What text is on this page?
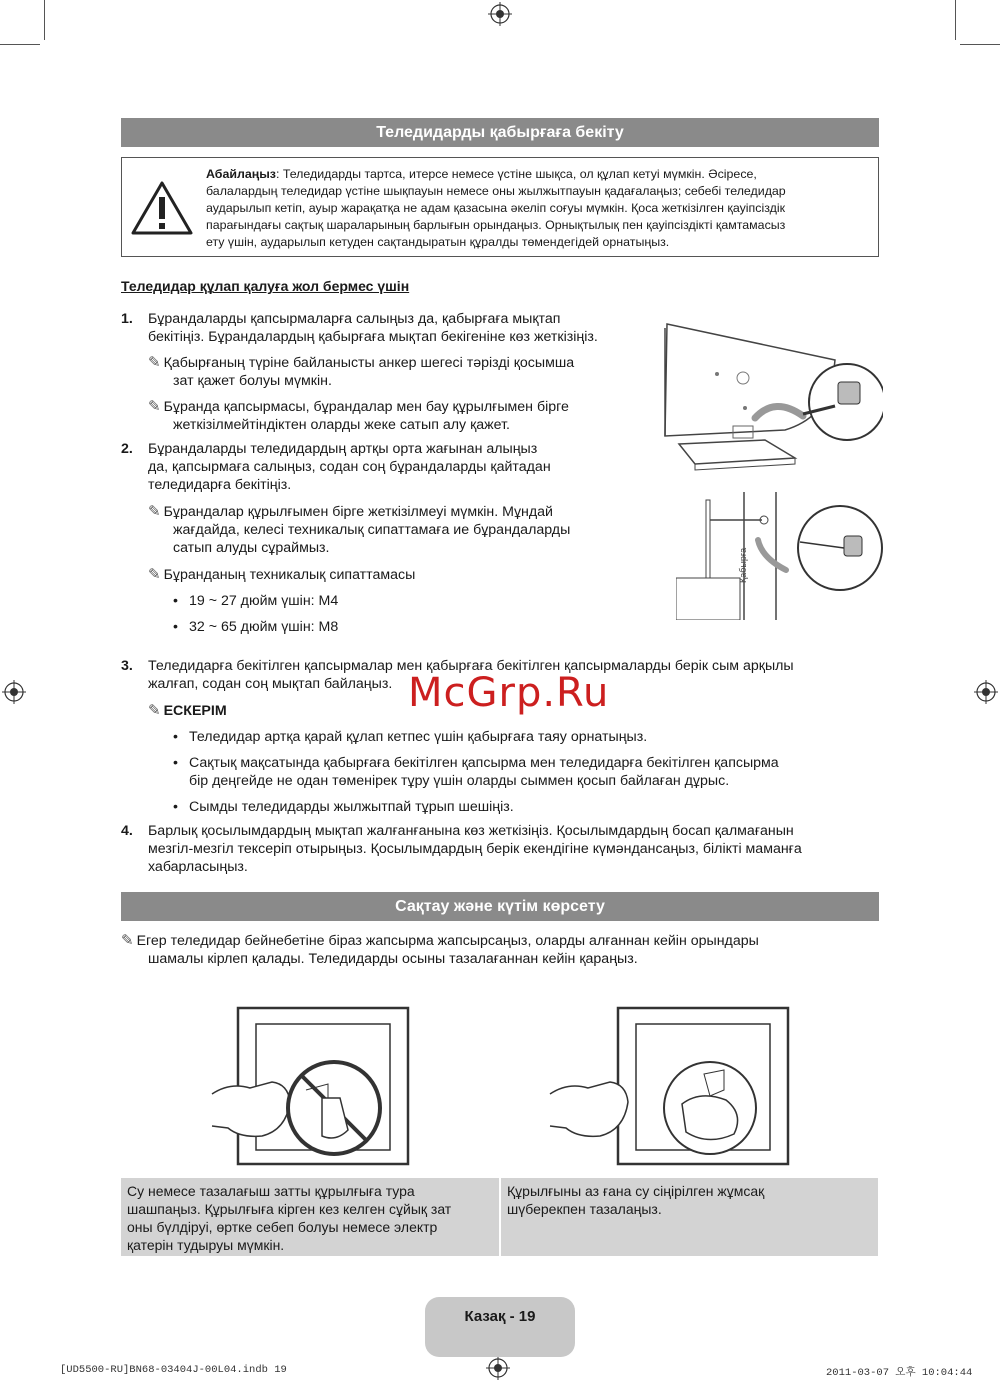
Теледидарды қабырғаға бекіту
Абайлаңыз: Теледидарды тартса, итерсе немесе үстіне шықса, ол құлап кетуі мүмкін. Әсіресе,
балалардың теледидар үстіне шықпауын немесе оны жылжытпауын қадағалаңыз; себебі теледидар
аударылып кетіп, ауыр жарақатқа не адам қазасына әкеліп соғуы мүмкін. Қоса жеткізілген қауіпсіздік
парағындағы сақтық шараларының барлығын орындаңыз. Орнықтылық пен қауіпсіздікті қамтамасыз
ету үшін, аударылып кетуден сақтандыратын құралды төмендегідей орнатыңыз.
Теледидар құлап қалуға жол бермес үшін
1. Бұрандаларды қапсырмаларға салыңыз да, қабырғаға мықтап
бекітіңіз. Бұрандалардың қабырғаға мықтап бекігеніне көз жеткізіңіз.
✎ Қабырғаның түріне байланысты анкер шегесі тәрізді қосымша
зат қажет болуы мүмкін.
✎ Бұранда қапсырмасы, бұрандалар мен бау құрылғымен бірге
жеткізілмейтіндіктен оларды жеке сатып алу қажет.
2. Бұрандаларды теледидардың артқы орта жағынан алыңыз
да, қапсырмаға салыңыз, содан соң бұрандаларды қайтадан
теледидарға бекітіңіз.
✎ Бұрандалар құрылғымен бірге жеткізілмеуі мүмкін. Мұндай
жағдайда, келесі техникалық сипаттамаға ие бұрандаларды
сатып алуды сұраймыз.
✎ Бұранданың техникалық сипаттамасы
• 19 ~ 27 дюйм үшін: M4
• 32 ~ 65 дюйм үшін: M8
Қабырға
3. Теледидарға бекітілген қапсырмалар мен қабырғаға бекітілген қапсырмаларды берік сым арқылы
жалғап, содан соң мықтап байлаңыз.
✎ ЕСКЕРІМ
• Теледидар артқа қарай құлап кетпес үшін қабырғаға таяу орнатыңыз.
• Сақтық мақсатында қабырғаға бекітілген қапсырма мен теледидарға бекітілген қапсырма
бір деңгейде не одан төменірек тұру үшін оларды сыммен қосып байлаған дұрыс.
• Сымды теледидарды жылжытпай тұрып шешіңіз.
4. Барлық қосылымдардың мықтап жалғанғанына көз жеткізіңіз. Қосылымдардың босап қалмағанын
мезгіл-мезгіл тексеріп отырыңыз. Қосылымдардың берік екендігіне күмәндансаңыз, білікті маманға
хабарласыңыз.
McGrp.Ru
Сақтау және күтім көрсету
✎ Егер теледидар бейнебетіне біраз жапсырма жапсырсаңыз, оларды алғаннан кейін орындары
шамалы кірлеп қалады. Теледидарды осыны тазалағаннан кейін қараңыз.
Су немесе тазалағыш затты құрылғыға тура
шашпаңыз. Құрылғыға кірген кез келген сұйық зат
оны бүлдіруі, өртке себеп болуы немесе электр
қатерін тудыруы мүмкін.
Құрылғыны аз ғана су сіңірілген жұмсақ
шүберекпен тазалаңыз.
Казақ - 19
[UD5500-RU]BN68-03404J-00L04.indb 19	2011-03-07 오후 10:04:44
